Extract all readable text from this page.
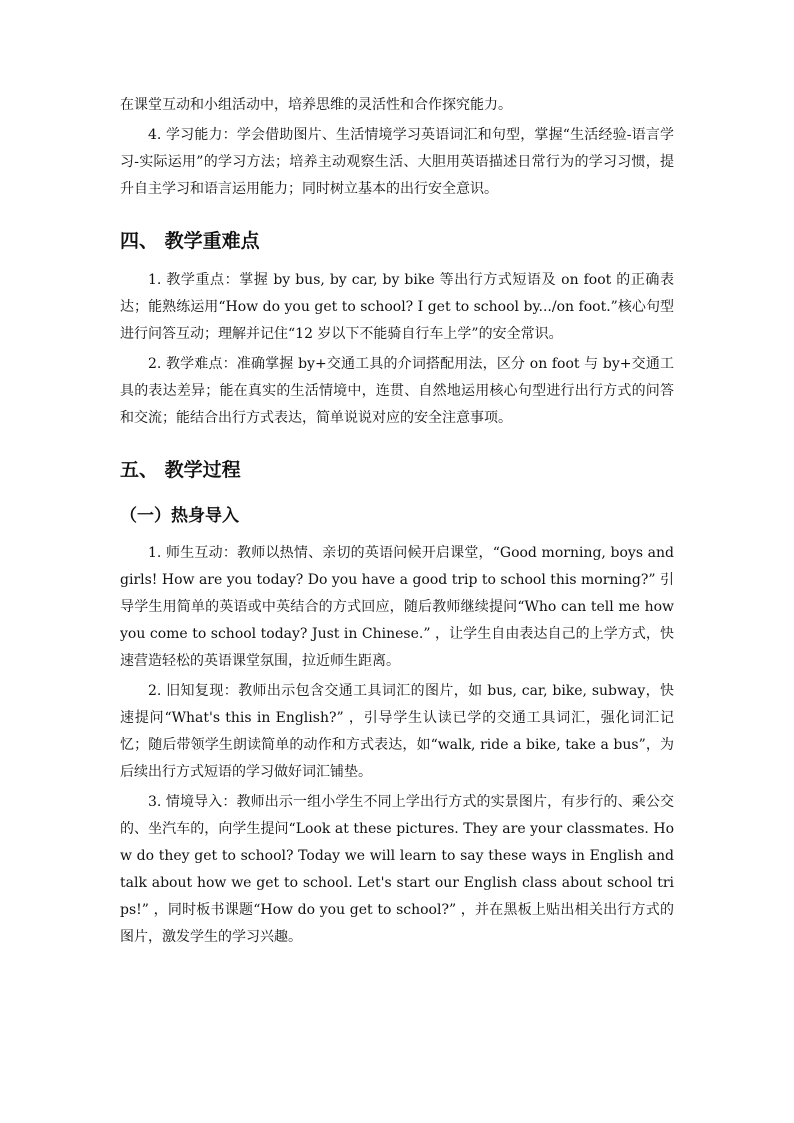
在课堂互动和小组活动中，培养思维的灵活性和合作探究能力。

4. 学习能力：学会借助图片、生活情境学习英语词汇和句型，掌握“生活经验-语言学习-实际运用”的学习方法；培养主动观察生活、大胆用英语描述日常行为的学习习惯，提升自主学习和语言运用能力；同时树立基本的出行安全意识。

四、 教学重难点

1. 教学重点：掌握 by bus, by car, by bike 等出行方式短语及 on foot 的正确表达；能熟练运用“How do you get to school? I get to school by.../on foot.”核心句型进行问答互动；理解并记住“12 岁以下不能骑自行车上学”的安全常识。

2. 教学难点：准确掌握 by+交通工具的介词搭配用法，区分 on foot 与 by+交通工具的表达差异；能在真实的生活情境中，连贯、自然地运用核心句型进行出行方式的问答和交流；能结合出行方式表达，简单说说对应的安全注意事项。

五、 教学过程
（一）热身导入

1. 师生互动：教师以热情、亲切的英语问候开启课堂，“Good morning, boys and girls! How are you today? Do you have a good trip to school this morning?” 引导学生用简单的英语或中英结合的方式回应，随后教师继续提问“Who can tell me how you come to school today? Just in Chinese.” ，让学生自由表达自己的上学方式，快速营造轻松的英语课堂氛围，拉近师生距离。

2. 旧知复现：教师出示包含交通工具词汇的图片，如 bus, car, bike, subway，快速提问“What's this in English?” ，引导学生认读已学的交通工具词汇，强化词汇记忆；随后带领学生朗读简单的动作和方式表达，如“walk, ride a bike, take a bus”，为后续出行方式短语的学习做好词汇铺垫。

3. 情境导入：教师出示一组小学生不同上学出行方式的实景图片，有步行的、乘公交的、坐汽车的，向学生提问“Look at these pictures. They are your classmates. How do they get to school? Today we will learn to say these ways in English and talk about how we get to school. Let's start our English class about school trips!” ，同时板书课题“How do you get to school?” ，并在黑板上贴出相关出行方式的图片，激发学生的学习兴趣。
